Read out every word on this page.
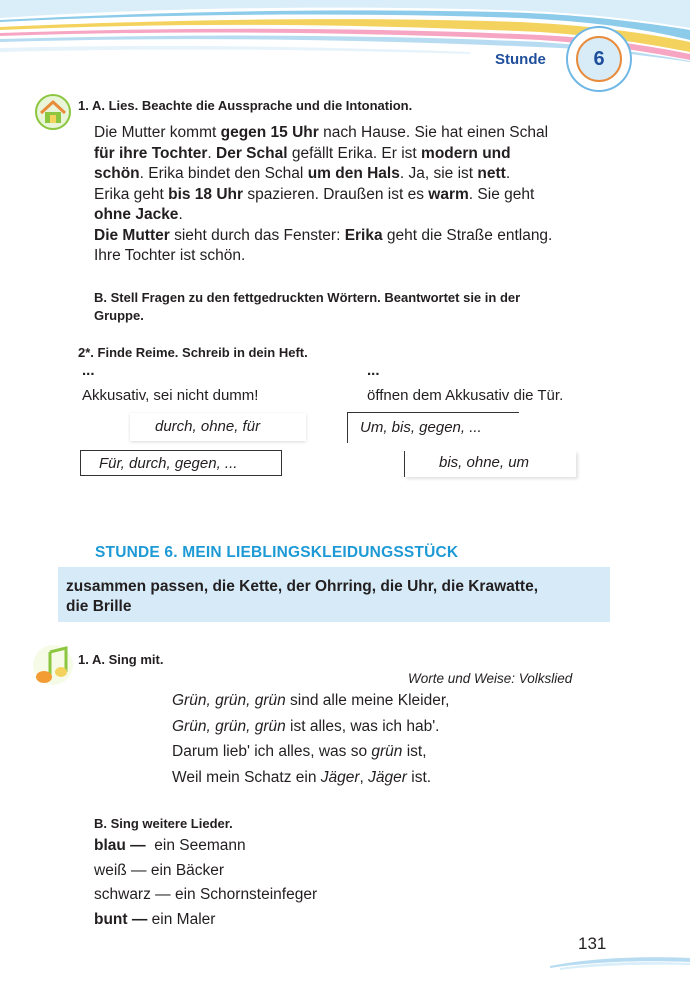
Stunde	6
1. A. Lies. Beachte die Aussprache und die Intonation.
Die Mutter kommt gegen 15 Uhr nach Hause. Sie hat einen Schal
für ihre Tochter. Der Schal gefällt Erika. Er ist modern und
schön. Erika bindet den Schal um den Hals. Ja, sie ist nett.
Erika geht bis 18 Uhr spazieren. Draußen ist es warm. Sie geht
ohne Jacke.
Die Mutter sieht durch das Fenster: Erika geht die Straße entlang.
Ihre Tochter ist schön.
B. Stell Fragen zu den fettgedruckten Wörtern. Beantwortet sie in der
Gruppe.
2*. Finde Reime. Schreib in dein Heft.
...	...
Akkusativ, sei nicht dumm!	öffnen dem Akkusativ die Tür.
durch, ohne, für	Um, bis, gegen, ...
Für, durch, gegen, ...	bis, ohne, um
STUNDE 6. MEIN LIEBLINGSKLEIDUNGSSTÜCK
zusammen passen, die Kette, der Ohrring, die Uhr, die Krawatte,
die Brille
1. A. Sing mit.
Worte und Weise: Volkslied
Grün, grün, grün sind alle meine Kleider,
Grün, grün, grün ist alles, was ich hab'.
Darum lieb' ich alles, was so grün ist,
Weil mein Schatz ein Jäger, Jäger ist.
B. Sing weitere Lieder.
blau —  ein Seemann
weiß — ein Bäcker
schwarz — ein Schornsteinfeger
bunt — ein Maler
131
